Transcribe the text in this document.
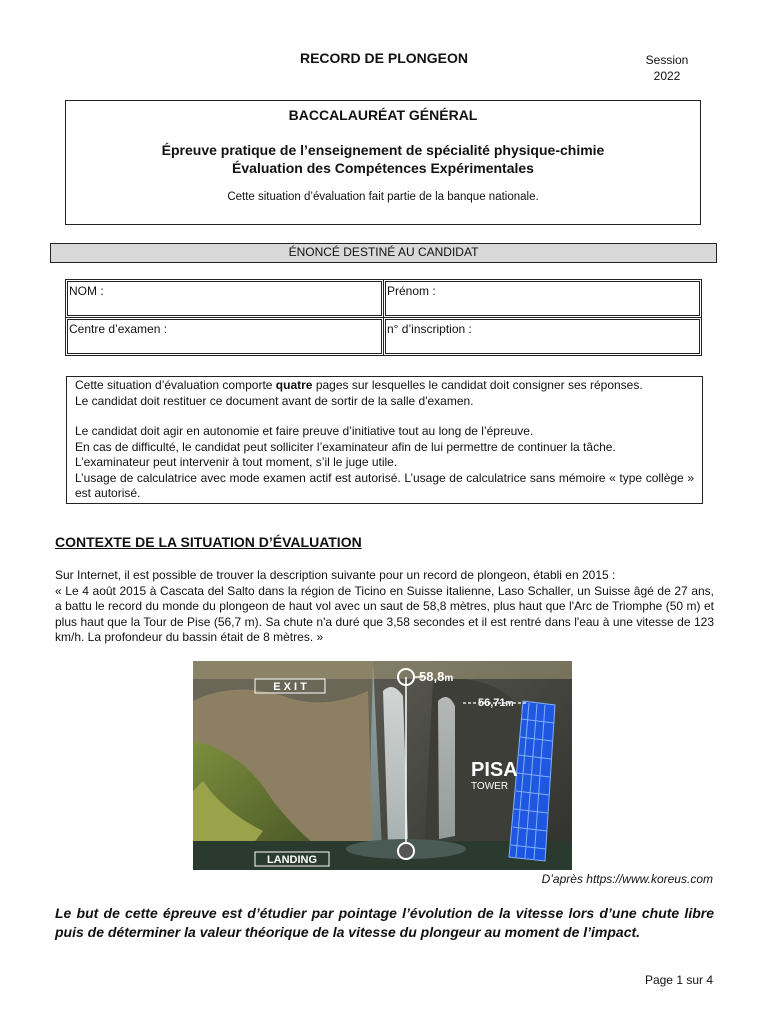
RECORD DE PLONGEON	Session
2022
BACCALAURÉAT GÉNÉRAL
Épreuve pratique de l’enseignement de spécialité physique-chimie
Évaluation des Compétences Expérimentales
Cette situation d’évaluation fait partie de la banque nationale.
ÉNONCÉ DESTINÉ AU CANDIDAT
NOM :	Prénom :
Centre d’examen :	n° d’inscription :

Cette situation d’évaluation comporte quatre pages sur lesquelles le candidat doit consigner ses réponses.

Le candidat doit restituer ce document avant de sortir de la salle d'examen.

Le candidat doit agir en autonomie et faire preuve d’initiative tout au long de l’épreuve.

En cas de difficulté, le candidat peut solliciter l’examinateur afin de lui permettre de continuer la tâche.

L’examinateur peut intervenir à tout moment, s’il le juge utile.

L’usage de calculatrice avec mode examen actif est autorisé. L’usage de calculatrice sans mémoire « type collège » est autorisé.

CONTEXTE DE LA SITUATION D’ÉVALUATION

Sur Internet, il est possible de trouver la description suivante pour un record de plongeon, établi en 2015 :

« Le 4 août 2015 à Cascata del Salto dans la région de Ticino en Suisse italienne, Laso Schaller, un Suisse âgé de 27 ans, a battu le record du monde du plongeon de haut vol avec un saut de 58,8 mètres, plus haut que l'Arc de Triomphe (50 m) et plus haut que la Tour de Pise (56,7 m). Sa chute n'a duré que 3,58 secondes et il est rentré dans l'eau à une vitesse de 123 km/h. La profondeur du bassin était de 8 mètres. »

E X I T
LANDING
58,8m
56,71m
PISA
TOWER
D’après https://www.koreus.com
Le but de cette épreuve est d’étudier par pointage l’évolution de la vitesse lors d’une chute libre puis de déterminer la valeur théorique de la vitesse du plongeur au moment de l’impact.
Page 1 sur 4
